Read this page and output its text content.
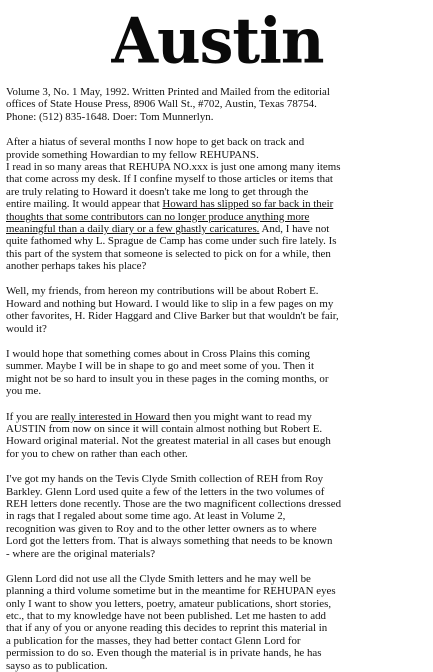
Austin
Volume 3, No. 1 May, 1992. Written Printed and Mailed from the editorial
offices of State House Press, 8906 Wall St., #702, Austin, Texas 78754.
Phone: (512) 835-1648. Doer: Tom Munnerlyn.
After a hiatus of several months I now hope to get back on track and
provide something Howardian to my fellow REHUPANS.
I read in so many areas that REHUPA NO.xxx is just one among many items
that come across my desk. If I confine myself to those articles or items that
are truly relating to Howard it doesn't take me long to get through the
entire mailing. It would appear that Howard has slipped so far back in their
thoughts that some contributors can no longer produce anything more
meaningful than a daily diary or a few ghastly caricatures. And, I have not
quite fathomed why L. Sprague de Camp has come under such fire lately. Is
this part of the system that someone is selected to pick on for a while, then
another perhaps takes his place?
Well, my friends, from hereon my contributions will be about Robert E.
Howard and nothing but Howard. I would like to slip in a few pages on my
other favorites, H. Rider Haggard and Clive Barker but that wouldn't be fair,
would it?
I would hope that something comes about in Cross Plains this coming
summer. Maybe I will be in shape to go and meet some of you. Then it
might not be so hard to insult you in these pages in the coming months, or
you me.
If you are really interested in Howard then you might want to read my
AUSTIN from now on since it will contain almost nothing but Robert E.
Howard original material. Not the greatest material in all cases but enough
for you to chew on rather than each other.
I've got my hands on the Tevis Clyde Smith collection of REH from Roy
Barkley. Glenn Lord used quite a few of the letters in the two volumes of
REH letters done recently. Those are the two magnificent collections dressed
in rags that I regaled about some time ago. At least in Volume 2,
recognition was given to Roy and to the other letter owners as to where
Lord got the letters from. That is always something that needs to be known
- where are the original materials?
Glenn Lord did not use all the Clyde Smith letters and he may well be
planning a third volume sometime but in the meantime for REHUPAN eyes
only I want to show you letters, poetry, amateur publications, short stories,
etc., that to my knowledge have not been published. Let me hasten to add
that if any of you or anyone reading this decides to reprint this material in
a publication for the masses, they had better contact Glenn Lord for
permission to do so. Even though the material is in private hands, he has
sayso as to publication.
